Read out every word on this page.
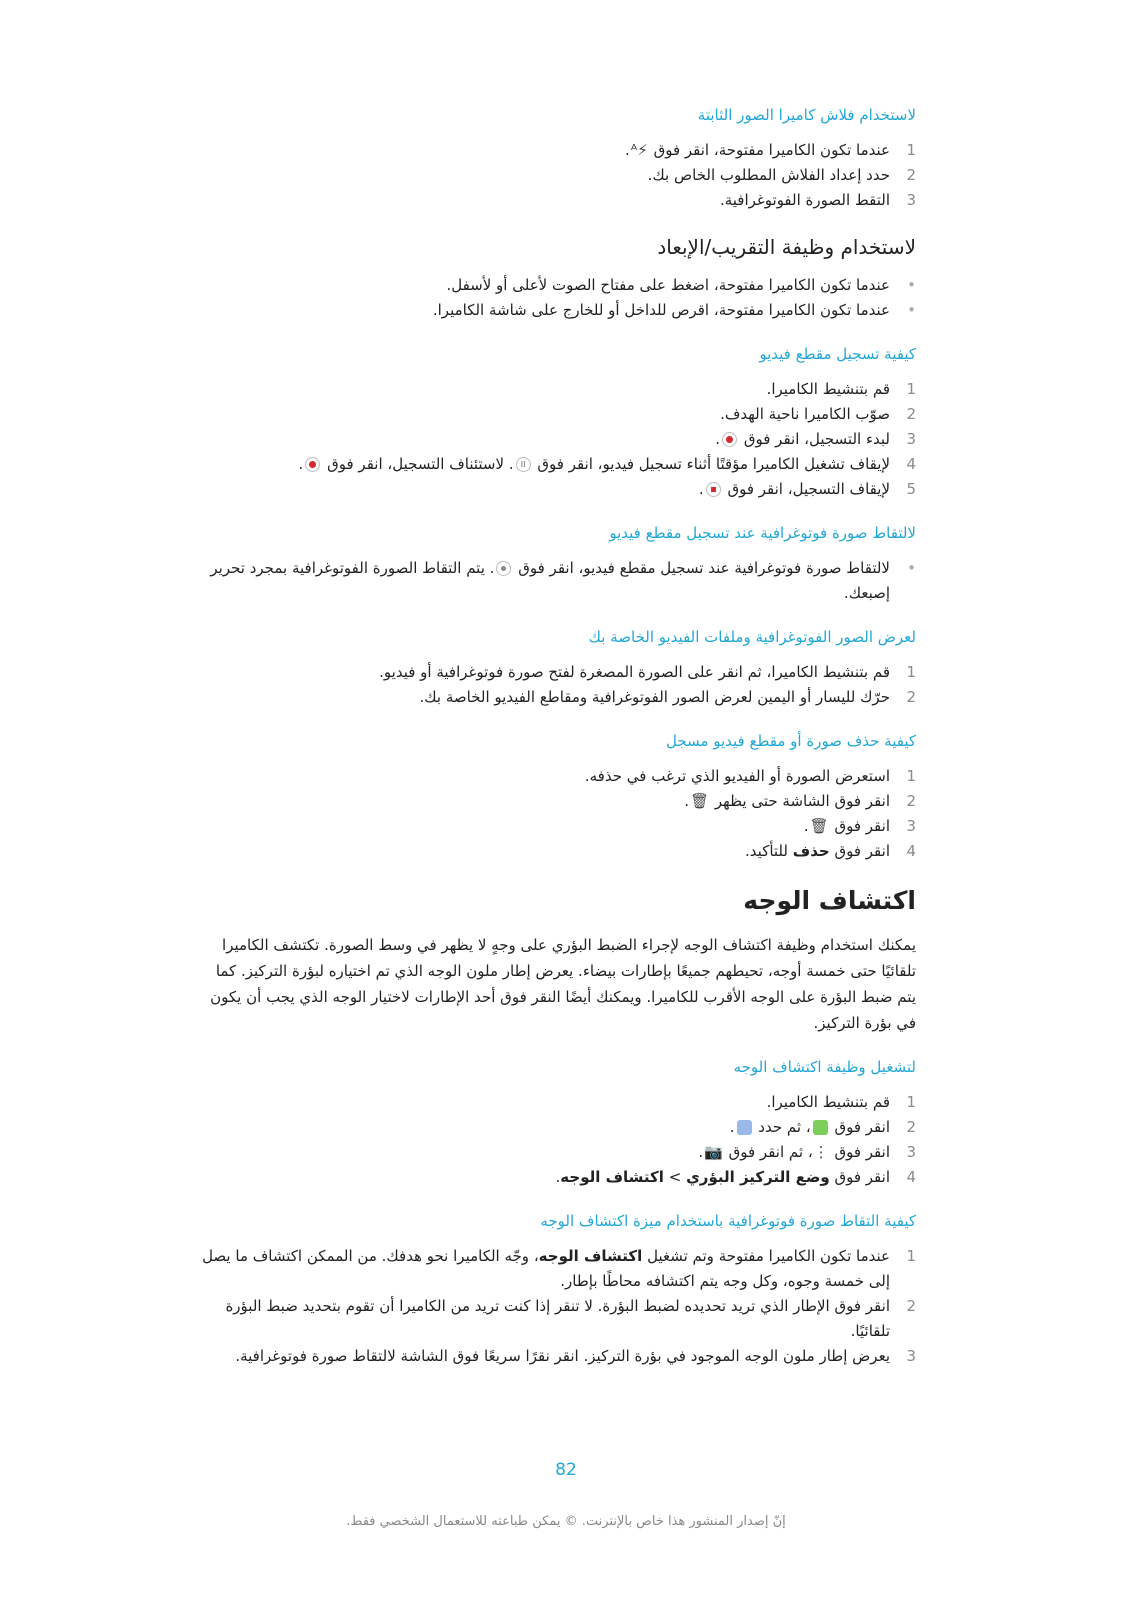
لاستخدام فلاش كاميرا الصور الثابتة
1
عندما تكون الكاميرا مفتوحة، انقر فوق ⚡ᴬ.
2
حدد إعداد الفلاش المطلوب الخاص بك.
3
التقط الصورة الفوتوغرافية.
لاستخدام وظيفة التقريب/الإبعاد
•
عندما تكون الكاميرا مفتوحة، اضغط على مفتاح الصوت لأعلى أو لأسفل.
•
عندما تكون الكاميرا مفتوحة، اقرص للداخل أو للخارج على شاشة الكاميرا.
كيفية تسجيل مقطع فيديو
1
قم بتنشيط الكاميرا.
2
صوّب الكاميرا ناحية الهدف.
3
لبدء التسجيل، انقر فوق .
4
لإيقاف تشغيل الكاميرا مؤقتًا أثناء تسجيل فيديو، انقر فوق II. لاستئناف التسجيل، انقر فوق .
5
لإيقاف التسجيل، انقر فوق .
لالتقاط صورة فوتوغرافية عند تسجيل مقطع فيديو
•
لالتقاط صورة فوتوغرافية عند تسجيل مقطع فيديو، انقر فوق . يتم التقاط الصورة الفوتوغرافية بمجرد تحرير إصبعك.
لعرض الصور الفوتوغرافية وملفات الفيديو الخاصة بك
1
قم بتنشيط الكاميرا، ثم انقر على الصورة المصغرة لفتح صورة فوتوغرافية أو فيديو.
2
حرّك لليسار أو اليمين لعرض الصور الفوتوغرافية ومقاطع الفيديو الخاصة بك.
كيفية حذف صورة أو مقطع فيديو مسجل
1
استعرض الصورة أو الفيديو الذي ترغب في حذفه.
2
انقر فوق الشاشة حتى يظهر 🗑.
3
انقر فوق 🗑.
4
انقر فوق حذف للتأكيد.
اكتشاف الوجه

يمكنك استخدام وظيفة اكتشاف الوجه لإجراء الضبط البؤري على وجهٍ لا يظهر في وسط الصورة. تكتشف الكاميرا تلقائيًا حتى خمسة أوجه، تحيطهم جميعًا بإطارات بيضاء. يعرض إطار ملون الوجه الذي تم اختياره لبؤرة التركيز. كما يتم ضبط البؤرة على الوجه الأقرب للكاميرا. ويمكنك أيضًا النقر فوق أحد الإطارات لاختيار الوجه الذي يجب أن يكون في بؤرة التركيز.

لتشغيل وظيفة اكتشاف الوجه
1
قم بتنشيط الكاميرا.
2
انقر فوق ، ثم حدد .
3
انقر فوق ⋮، ثم انقر فوق 📷.
4
انقر فوق وضع التركيز البؤري > اكتشاف الوجه.
كيفية التقاط صورة فوتوغرافية باستخدام ميزة اكتشاف الوجه
1
عندما تكون الكاميرا مفتوحة وتم تشغيل اكتشاف الوجه، وجّه الكاميرا نحو هدفك. من الممكن اكتشاف ما يصل إلى خمسة وجوه، وكل وجه يتم اكتشافه محاطًا بإطار.
2
انقر فوق الإطار الذي تريد تحديده لضبط البؤرة. لا تنقر إذا كنت تريد من الكاميرا أن تقوم بتحديد ضبط البؤرة تلقائيًا.
3
يعرض إطار ملون الوجه الموجود في بؤرة التركيز. انقر نقرًا سريعًا فوق الشاشة لالتقاط صورة فوتوغرافية.
82
إنّ إصدار المنشور هذا خاص بالإنترنت. © يمكن طباعته للاستعمال الشخصي فقط.
